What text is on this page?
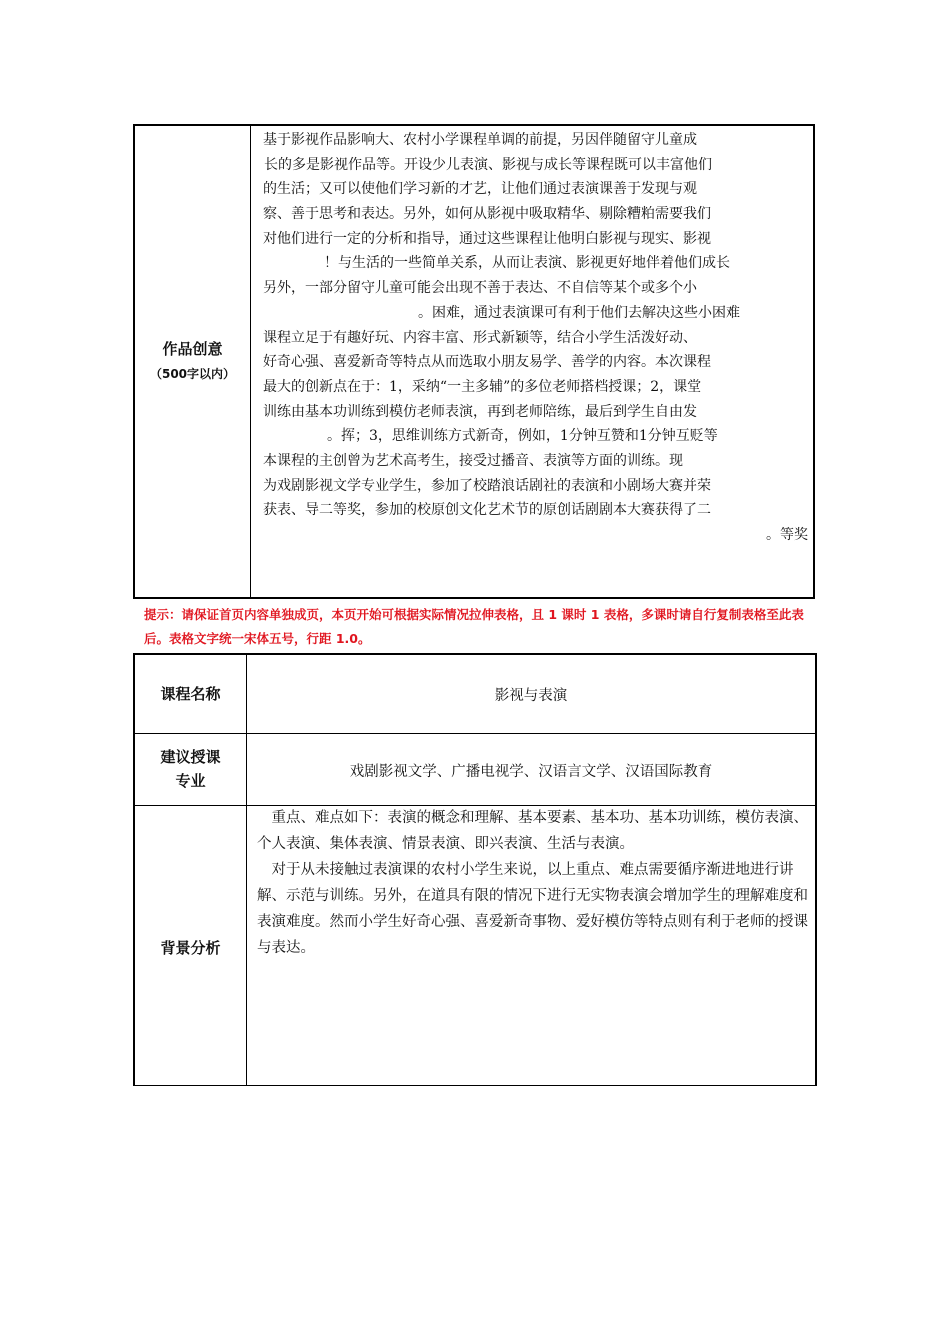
作品创意
（500字以内）
基于影视作品影响大、农村小学课程单调的前提，另因伴随留守儿童成
长的多是影视作品等。开设少儿表演、影视与成长等课程既可以丰富他们
的生活；又可以使他们学习新的才艺，让他们通过表演课善于发现与观
察、善于思考和表达。另外，如何从影视中吸取精华、剔除糟粕需要我们
对他们进行一定的分析和指导，通过这些课程让他明白影视与现实、影视
！与生活的一些简单关系，从而让表演、影视更好地伴着他们成长
另外，一部分留守儿童可能会出现不善于表达、不自信等某个或多个小
。困难，通过表演课可有利于他们去解决这些小困难
课程立足于有趣好玩、内容丰富、形式新颖等，结合小学生活泼好动、
好奇心强、喜爱新奇等特点从而选取小朋友易学、善学的内容。本次课程
最大的创新点在于：1，采纳“一主多辅”的多位老师搭档授课；2，课堂
训练由基本功训练到模仿老师表演，再到老师陪练，最后到学生自由发
。挥；3，思维训练方式新奇，例如，1分钟互赞和1分钟互贬等
本课程的主创曾为艺术高考生，接受过播音、表演等方面的训练。现
为戏剧影视文学专业学生，参加了校踏浪话剧社的表演和小剧场大赛并荣
获表、导二等奖，参加的校原创文化艺术节的原创话剧剧本大赛获得了二
。等奖
提示：请保证首页内容单独成页，本页开始可根据实际情况拉伸表格，且 1 课时 1 表格，多课时请自行复制表格至此表后。表格文字统一宋体五号，行距 1.0。
课程名称	影视与表演
建议授课专业	戏剧影视文学、广播电视学、汉语言文学、汉语国际教育
背景分析

重点、难点如下：表演的概念和理解、基本要素、基本功、基本功训练，模仿表演、个人表演、集体表演、情景表演、即兴表演、生活与表演。

对于从未接触过表演课的农村小学生来说，以上重点、难点需要循序渐进地进行讲解、示范与训练。另外，在道具有限的情况下进行无实物表演会增加学生的理解难度和表演难度。然而小学生好奇心强、喜爱新奇事物、爱好模仿等特点则有利于老师的授课与表达。
